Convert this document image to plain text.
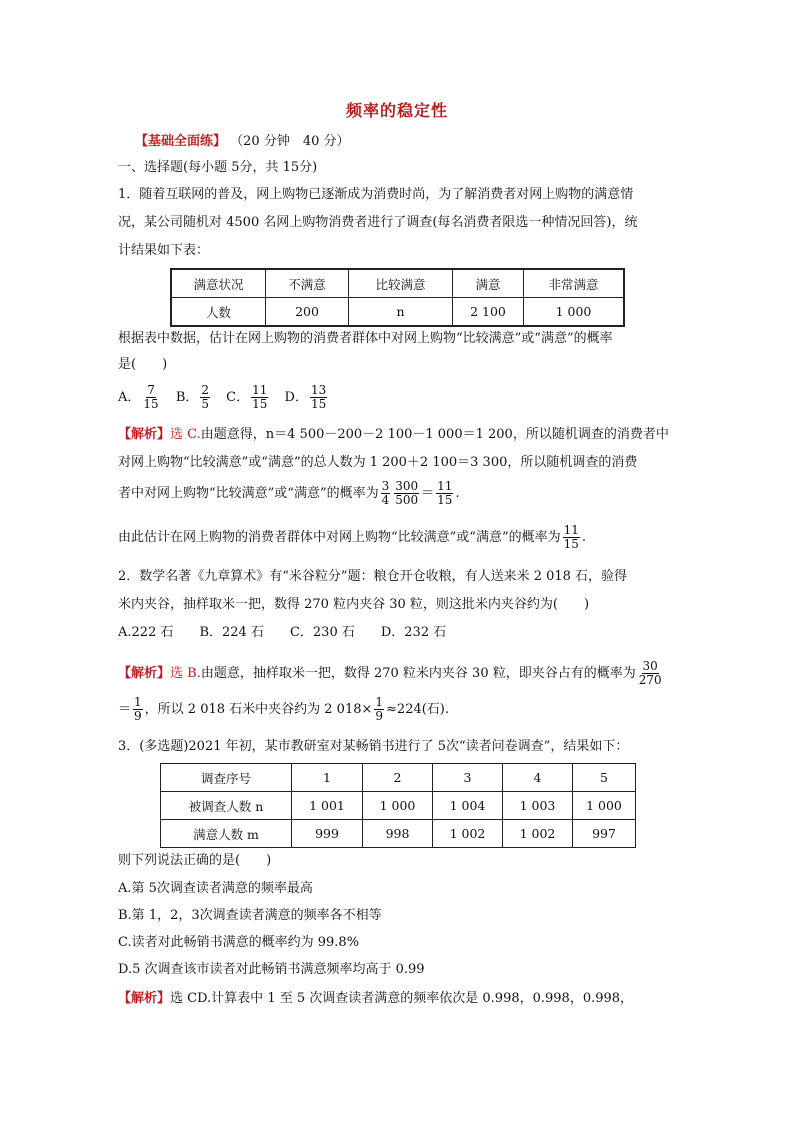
频率的稳定性
【基础全面练】 （20 分钟　40 分）
一、选择题(每小题 5分，共 15分)
1．随着互联网的普及，网上购物已逐渐成为消费时尚，为了解消费者对网上购物的满意情
况，某公司随机对 4500 名网上购物消费者进行了调查(每名消费者限选一种情况回答)，统
计结果如下表：
满意状况	不满意	比较满意	满意	非常满意
人数	200	n	2 100	1 000
根据表中数据，估计在网上购物的消费者群体中对网上购物“比较满意”或“满意”的概率
是(　　)
A． $\frac{7}{15}$ B． $\frac{2}{5}$ C． $\frac{11}{15}$ D． $\frac{13}{15}$
【解析】选 C.由题意得，n＝4 500－200－2 100－1 000＝1 200，所以随机调查的消费者中
对网上购物“比较满意”或“满意”的总人数为 1 200＋2 100＝3 300，所以随机调查的消费
者中对网上购物“比较满意”或“满意”的概率为 $\frac{3}{4} \frac{300}{500} = \frac{11}{15}$ .
由此估计在网上购物的消费者群体中对网上购物“比较满意”或“满意”的概率为 $\frac{11}{15}$ .
2．数学名著《九章算术》有“米谷粒分”题：粮仓开仓收粮，有人送来米 2 018 石，验得
米内夹谷，抽样取米一把，数得 270 粒内夹谷 30 粒，则这批米内夹谷约为(　　)
A.222 石　　B．224 石　　C．230 石　　D．232 石
【解析】选 B.由题意，抽样取米一把，数得 270 粒米内夹谷 30 粒，即夹谷占有的概率为 $\frac{30}{270}$
＝ $\frac{1}{9}$ ，所以 2 018 石米中夹谷约为 2 $018\times \frac{1}{9} \approx 224$(石).
3．(多选题)2021 年初，某市教研室对某畅销书进行了 5次“读者问卷调查”，结果如下：
调查序号	1	2	3	4	5
被调查人数 n	1 001	1 000	1 004	1 003	1 000
满意人数 m	999	998	1 002	1 002	997
则下列说法正确的是(　　)
A.第 5次调查读者满意的频率最高
B.第 1，2，3次调查读者满意的频率各不相等
C.读者对此畅销书满意的概率约为 99.8%
D.5 次调查该市读者对此畅销书满意频率均高于 0.99
【解析】选 CD.计算表中 1 至 5 次调查读者满意的频率依次是 0.998，0.998，0.998，
